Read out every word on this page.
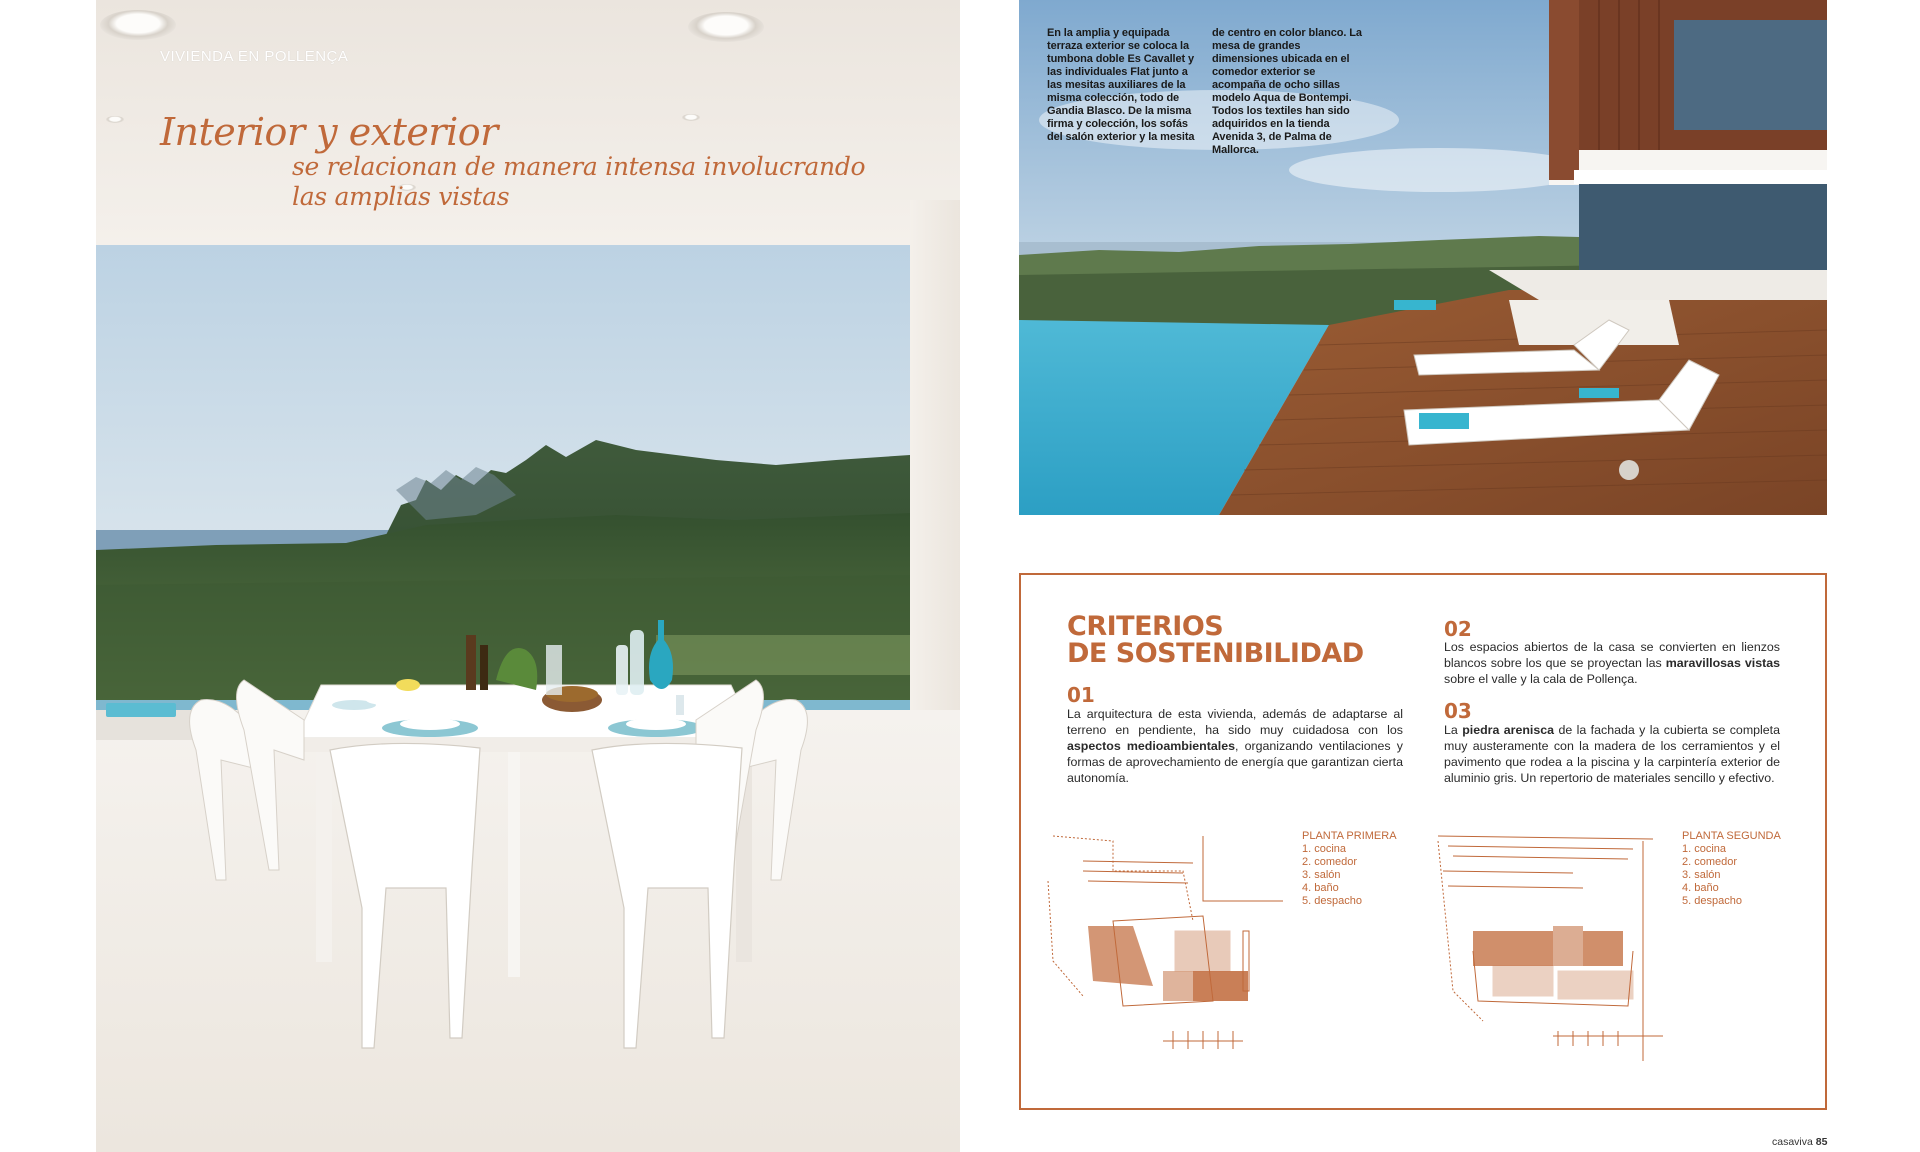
VIVIENDA EN POLLENÇA
Interior y exterior
se relacionan de manera intensa involucrando las amplias vistas
En la amplia y equipada terraza exterior se coloca la tumbona doble Es Cavallet y las individuales Flat junto a las mesitas auxiliares de la misma colección, todo de Gandia Blasco. De la misma firma y colección, los sofás del salón exterior y la mesita
de centro en color blanco. La mesa de grandes dimensiones ubicada en el comedor exterior se acompaña de ocho sillas modelo Aqua de Bontempi. Todos los textiles han sido adquiridos en la tienda Avenida 3, de Palma de Mallorca.
CRITERIOS
DE SOSTENIBILIDAD
01

La arquitectura de esta vivienda, además de adaptarse al terreno en pendiente, ha sido muy cuidadosa con los aspectos medioambientales, organizando ventilaciones y formas de aprovechamiento de energía que garantizan cierta autonomía.

02

Los espacios abiertos de la casa se convierten en lienzos blancos sobre los que se proyectan las maravillosas vistas sobre el valle y la cala de Pollença.

03

La piedra arenisca de la fachada y la cubierta se completa muy austeramente con la madera de los cerramientos y el pavimento que rodea a la piscina y la carpintería exterior de aluminio gris. Un repertorio de materiales sencillo y efectivo.

PLANTA PRIMERA
1. cocina
2. comedor
3. salón
4. baño
5. despacho
PLANTA SEGUNDA
1. cocina
2. comedor
3. salón
4. baño
5. despacho
casaviva 85
